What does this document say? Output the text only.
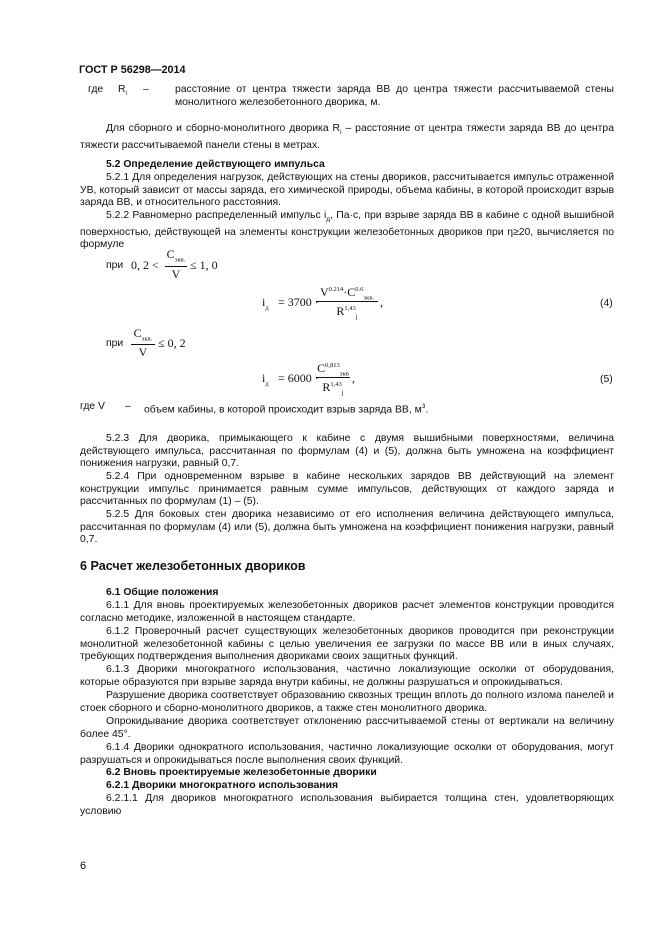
ГОСТ Р 56298—2014
где $R_i$ –	расстояние от центра тяжести заряда ВВ до центра тяжести рассчитываемой стены монолитного железобетонного дворика, м.
Для сборного и сборно-монолитного дворика $R_i$ – расстояние от центра тяжести заряда ВВ до центра тяжести рассчитываемой панели стены в метрах.
5.2 Определение действующего импульса
5.2.1 Для определения нагрузок, действующих на стены двориков, рассчитывается импульс отраженной УВ, который зависит от массы заряда, его химической природы, объема кабины, в которой происходит взрыв заряда ВВ, и относительного расстояния.
5.2.2 Равномерно распределенный импульс $i_д$, Па·с, при взрыве заряда ВВ в кабине с одной вышибной поверхностью, действующей на элементы конструкции железобетонных двориков при η≥20, вычисляется по формуле
при 0, 2 <
$C_{экв.}$
V
≤ 1, 0
$i_д = 3700$ ·
$V^{0.214}\cdot C^{0.6}_{экв.}$
R$^{1,43}_j$
,	(4)
при
$C_{экв.}$
V
≤ 0, 2
$i_д = 6000$ ·
C$^{0,813}_{экв}$
R$^{1,43}_j$
,	(5)
где V – объем кабины, в которой происходит взрыв заряда ВВ, $м^3$.
5.2.3 Для дворика, примыкающего к кабине с двумя вышибными поверхностями, величина действующего импульса, рассчитанная по формулам (4) и (5), должна быть умножена на коэффициент понижения нагрузки, равный 0,7.
5.2.4 При одновременном взрыве в кабине нескольких зарядов ВВ действующий на элемент конструкции импульс принимается равным сумме импульсов, действующих от каждого заряда и рассчитанных по формулам (1) – (5).
5.2.5 Для боковых стен дворика независимо от его исполнения величина действующего импульса, рассчитанная по формулам (4) или (5), должна быть умножена на коэффициент понижения нагрузки, равный 0,7.
6 Расчет железобетонных двориков
6.1 Общие положения
6.1.1 Для вновь проектируемых железобетонных двориков расчет элементов конструкции проводится согласно методике, изложенной в настоящем стандарте.
6.1.2 Проверочный расчет существующих железобетонных двориков проводится при реконструкции монолитной железобетонной кабины с целью увеличения ее загрузки по массе ВВ или в иных случаях, требующих подтверждения выполнения двориками своих защитных функций.
6.1.3 Дворики многократного использования, частично локализующие осколки от оборудования, которые образуются при взрыве заряда внутри кабины, не должны разрушаться и опрокидываться.
Разрушение дворика соответствует образованию сквозных трещин вплоть до полного излома панелей и стоек сборного и сборно-монолитного двориков, а также стен монолитного дворика.
Опрокидывание дворика соответствует отклонению рассчитываемой стены от вертикали на величину более 45°.
6.1.4 Дворики однократного использования, частично локализующие осколки от оборудования, могут разрушаться и опрокидываться после выполнения своих функций.
6.2 Вновь проектируемые железобетонные дворики
6.2.1 Дворики многократного использования
6.2.1.1 Для двориков многократного использования выбирается толщина стен, удовлетворяющих условию
6
